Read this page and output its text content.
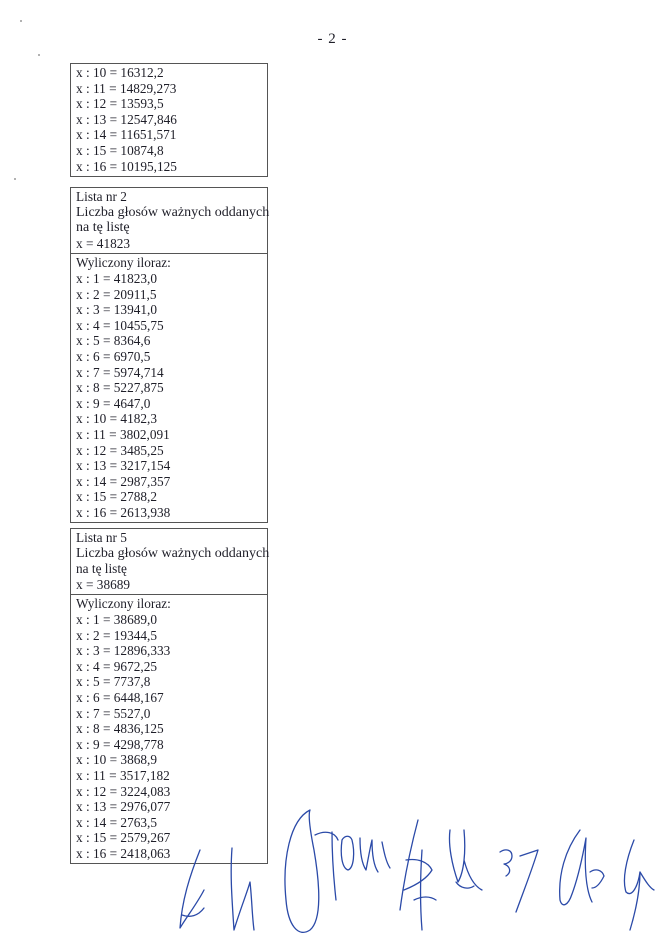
- 2 -
x : 10 = 16312,2
x : 11 = 14829,273
x : 12 = 13593,5
x : 13 = 12547,846
x : 14 = 11651,571
x : 15 = 10874,8
x : 16 = 10195,125
Lista nr 2
Liczba głosów ważnych oddanych
na tę listę
x = 41823
Wyliczony iloraz:
x : 1 = 41823,0
x : 2 = 20911,5
x : 3 = 13941,0
x : 4 = 10455,75
x : 5 = 8364,6
x : 6 = 6970,5
x : 7 = 5974,714
x : 8 = 5227,875
x : 9 = 4647,0
x : 10 = 4182,3
x : 11 = 3802,091
x : 12 = 3485,25
x : 13 = 3217,154
x : 14 = 2987,357
x : 15 = 2788,2
x : 16 = 2613,938
Lista nr 5
Liczba głosów ważnych oddanych
na tę listę
x = 38689
Wyliczony iloraz:
x : 1 = 38689,0
x : 2 = 19344,5
x : 3 = 12896,333
x : 4 = 9672,25
x : 5 = 7737,8
x : 6 = 6448,167
x : 7 = 5527,0
x : 8 = 4836,125
x : 9 = 4298,778
x : 10 = 3868,9
x : 11 = 3517,182
x : 12 = 3224,083
x : 13 = 2976,077
x : 14 = 2763,5
x : 15 = 2579,267
x : 16 = 2418,063
